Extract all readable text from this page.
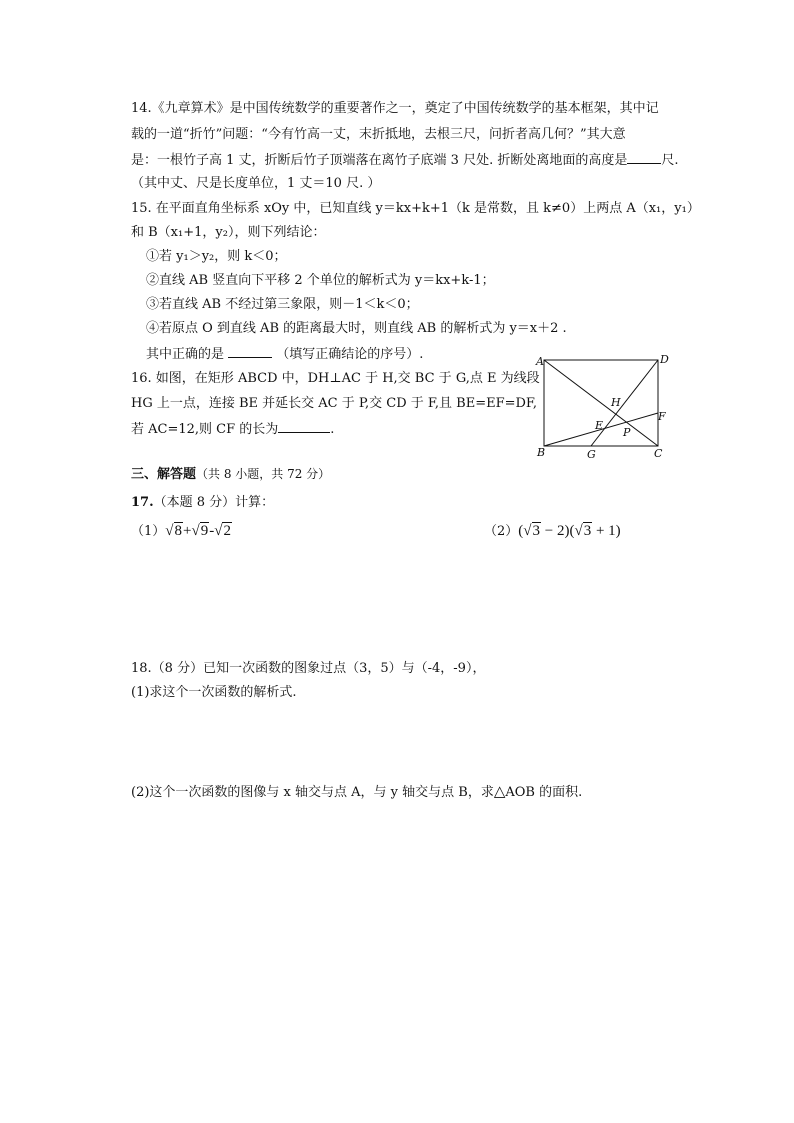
14.《九章算术》是中国传统数学的重要著作之一，奠定了中国传统数学的基本框架，其中记
载的一道“折竹”问题：“今有竹高一丈，末折抵地，去根三尺，问折者高几何？”其大意
是：一根竹子高 1 丈，折断后竹子顶端落在离竹子底端 3 尺处. 折断处离地面的高度是	尺.
（其中丈、尺是长度单位，1 丈＝10 尺. ）
15. 在平面直角坐标系 xOy 中，已知直线 y＝kx+k+1（k 是常数，且 k≠0）上两点 A（x₁，y₁）
和 B（x₁+1，y₂），则下列结论：
①若 y₁＞y₂，则 k＜0；
②直线 AB 竖直向下平移 2 个单位的解析式为 y＝kx+k-1；
③若直线 AB 不经过第三象限，则－1＜k＜0；
④若原点 O 到直线 AB 的距离最大时，则直线 AB 的解析式为 y＝x＋2 .
其中正确的是	（填写正确结论的序号）.
16. 如图，在矩形 ABCD 中，DH⊥AC 于 H,交 BC 于 G,点 E 为线段
HG 上一点，连接 BE 并延长交 AC 于 P,交 CD 于 F,且 BE=EF=DF,
若 AC=12,则 CF 的长为	.
A	D
B	C
H
E
P
F
G
三、解答题（共 8 小题，共 72 分）
17.（本题 8 分）计算：
（1）√8+√9-√2	（2）(√3 − 2)(√3 + 1)
18.（8 分）已知一次函数的图象过点（3，5）与（-4，-9），
(1)求这个一次函数的解析式.
(2)这个一次函数的图像与 x 轴交与点 A，与 y 轴交与点 B，求△AOB 的面积.
